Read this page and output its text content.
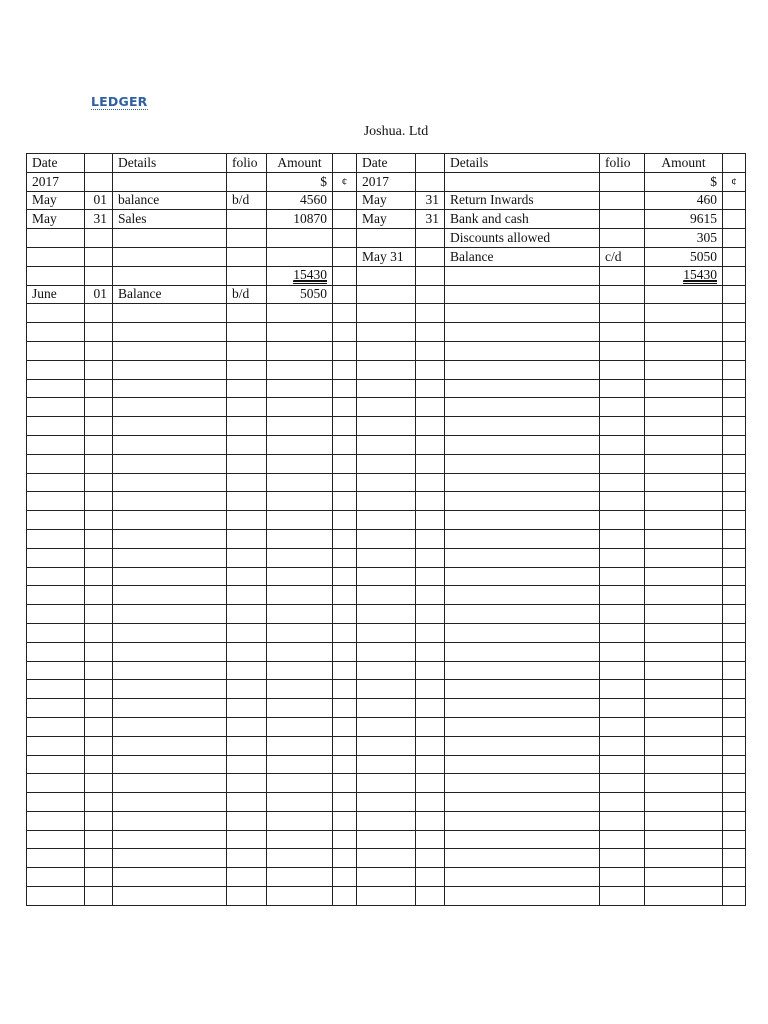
LEDGER
Joshua. Ltd
Date		Details	folio	Amount		Date		Details	folio	Amount	
2017				$	¢	2017				$	¢
May	01	balance	b/d	4560		May	31	Return Inwards		460	
May	31	Sales		10870		May	31	Bank and cash		9615	
								Discounts allowed		305	
						May 31		Balance	c/d	5050	
				15430						15430	
June	01	Balance	b/d	5050							
